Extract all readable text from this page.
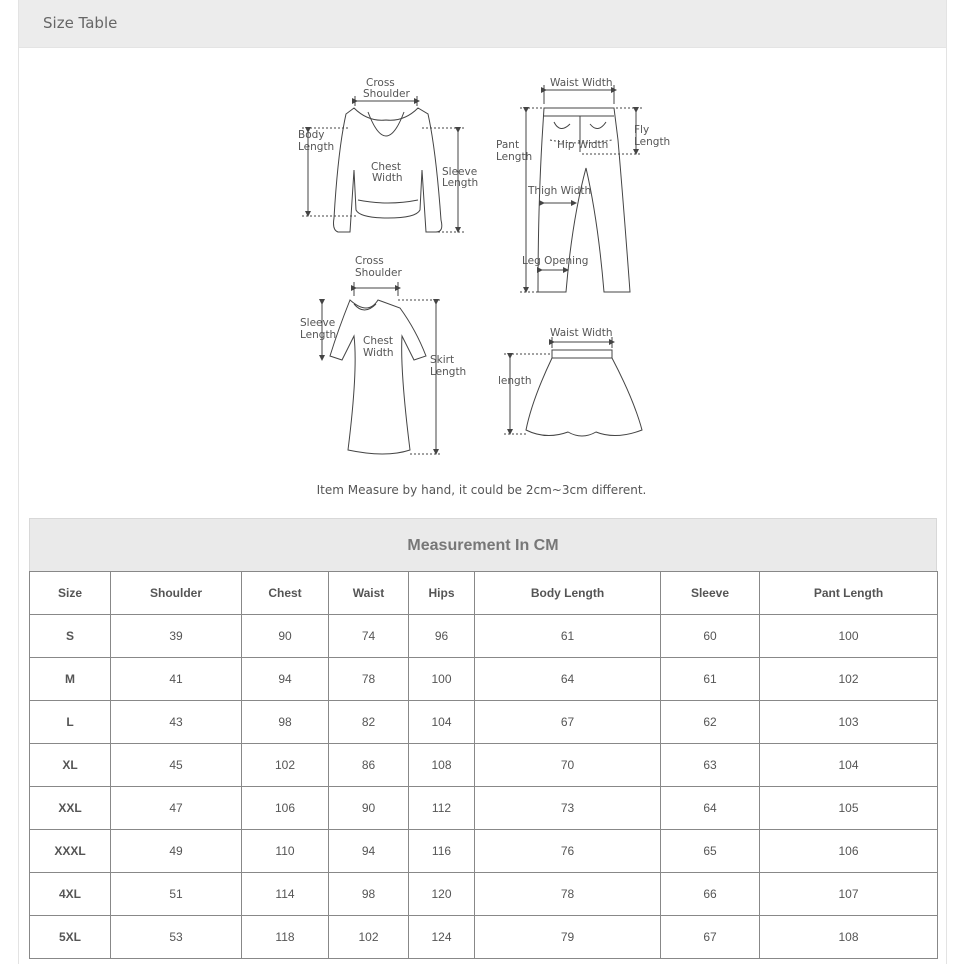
Size Table
Cross
Shoulder
Body
Length
Chest
Width	Sleeve
Length
Waist Width
Pant
Length
Hip Width
Fly
Length
Thigh Width
Leg Opening
Cross
Shoulder
Sleeve
Length	Chest
Width
Skirt
Length
Waist Width
length
Item Measure by hand, it could be 2cm~3cm different.
Measurement In CM
Size	Shoulder	Chest	Waist	Hips	Body Length	Sleeve	Pant Length
S	39	90	74	96	61	60	100
M	41	94	78	100	64	61	102
L	43	98	82	104	67	62	103
XL	45	102	86	108	70	63	104
XXL	47	106	90	112	73	64	105
XXXL	49	110	94	116	76	65	106
4XL	51	114	98	120	78	66	107
5XL	53	118	102	124	79	67	108
